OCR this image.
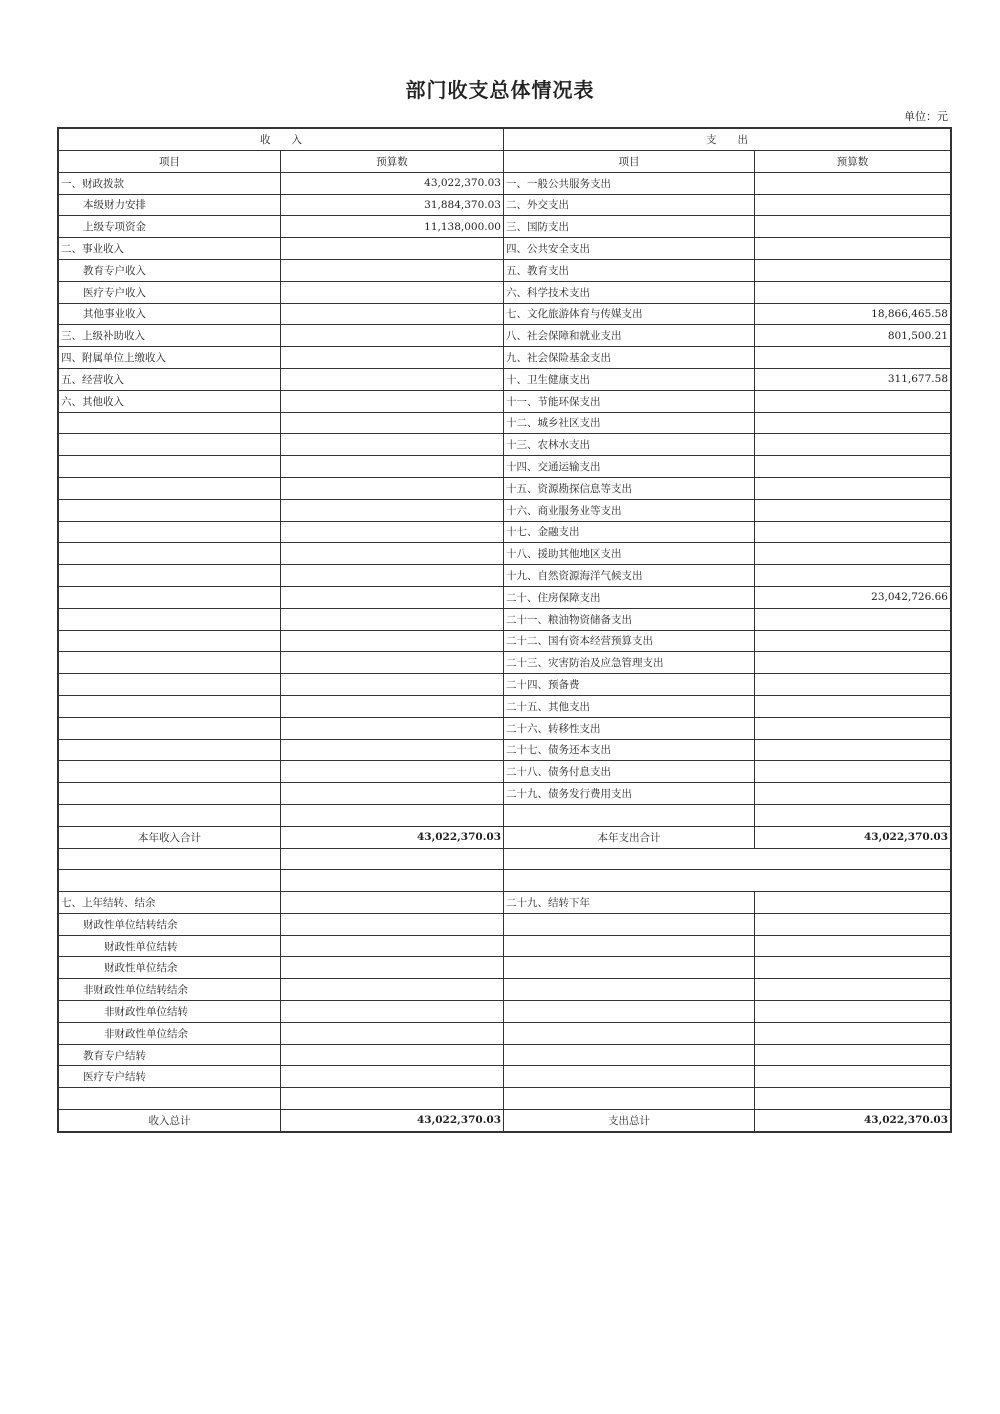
部门收支总体情况表
单位：元
收　　入		支　　出	
项目	预算数	项目	预算数
一、财政拨款	43,022,370.03	一、一般公共服务支出	
本级财力安排	31,884,370.03	二、外交支出	
上级专项资金	11,138,000.00	三、国防支出	
二、事业收入		四、公共安全支出	
教育专户收入		五、教育支出	
医疗专户收入		六、科学技术支出	
其他事业收入		七、文化旅游体育与传媒支出	18,866,465.58
三、上级补助收入		八、社会保障和就业支出	801,500.21
四、附属单位上缴收入		九、社会保险基金支出	
五、经营收入		十、卫生健康支出	311,677.58
六、其他收入		十一、节能环保支出	
		十二、城乡社区支出	
		十三、农林水支出	
		十四、交通运输支出	
		十五、资源勘探信息等支出	
		十六、商业服务业等支出	
		十七、金融支出	
		十八、援助其他地区支出	
		十九、自然资源海洋气候支出	
		二十、住房保障支出	23,042,726.66
		二十一、粮油物资储备支出	
		二十二、国有资本经营预算支出	
		二十三、灾害防治及应急管理支出	
		二十四、预备费	
		二十五、其他支出	
		二十六、转移性支出	
		二十七、债务还本支出	
		二十八、债务付息支出	
		二十九、债务发行费用支出	

本年收入合计	43,022,370.03	本年支出合计	43,022,370.03

七、上年结转、结余		二十九、结转下年	
财政性单位结转结余			
财政性单位结转			
财政性单位结余			
非财政性单位结转结余			
非财政性单位结转			
非财政性单位结余			
教育专户结转			
医疗专户结转			

收入总计	43,022,370.03	支出总计	43,022,370.03
